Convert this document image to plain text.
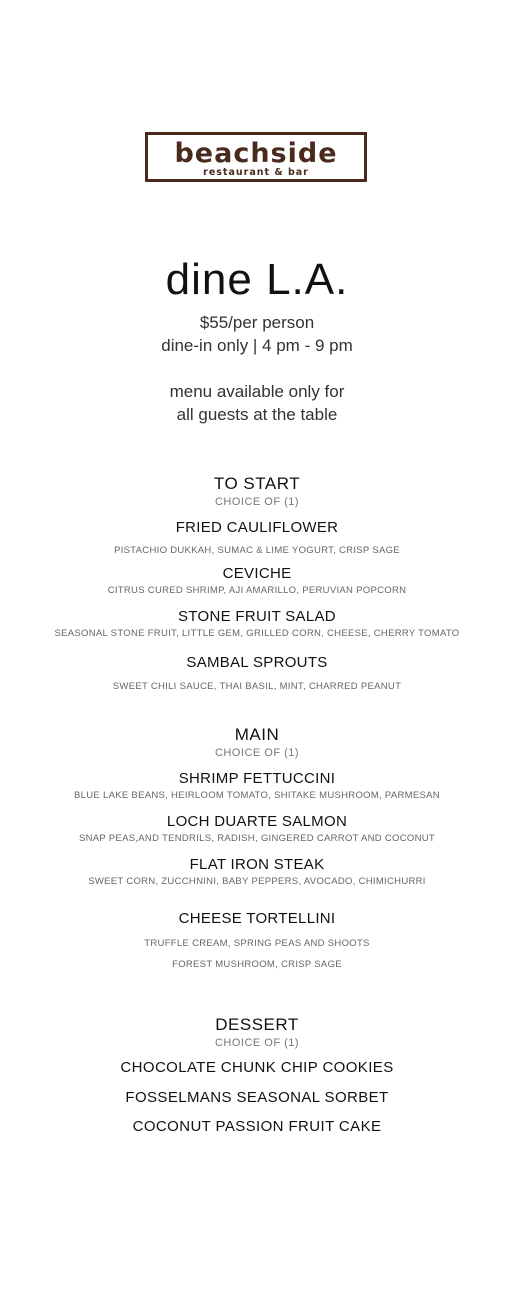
beachside
restaurant & bar
dine L.A.
$55/per person
dine-in only | 4 pm - 9 pm
menu available only for
all guests at the table
TO START
CHOICE OF (1)
FRIED CAULIFLOWER
PISTACHIO DUKKAH, SUMAC & LIME YOGURT, CRISP SAGE
CEVICHE
CITRUS CURED SHRIMP, AJI AMARILLO, PERUVIAN POPCORN
STONE FRUIT SALAD
SEASONAL STONE FRUIT, LITTLE GEM, GRILLED CORN, CHEESE, CHERRY TOMATO
SAMBAL SPROUTS
SWEET CHILI SAUCE, THAI BASIL, MINT, CHARRED PEANUT
MAIN
CHOICE OF (1)
SHRIMP FETTUCCINI
BLUE LAKE BEANS, HEIRLOOM TOMATO, SHITAKE MUSHROOM, PARMESAN
LOCH DUARTE SALMON
SNAP PEAS,AND TENDRILS, RADISH, GINGERED CARROT AND COCONUT
FLAT IRON STEAK
SWEET CORN, ZUCCHNINI, BABY PEPPERS, AVOCADO, CHIMICHURRI
CHEESE TORTELLINI
TRUFFLE CREAM, SPRING PEAS AND SHOOTS
FOREST MUSHROOM, CRISP SAGE
DESSERT
CHOICE OF (1)
CHOCOLATE CHUNK CHIP COOKIES
FOSSELMANS SEASONAL SORBET
COCONUT PASSION FRUIT CAKE
